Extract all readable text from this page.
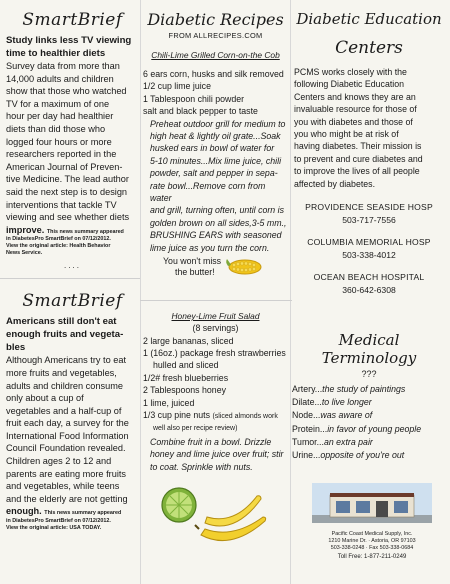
SmartBrief
Study links less TV viewing
time to healthier diets
Survey data from more than
14,000 adults and children
show that those who watched
TV for a maximum of one
hour per day had healthier
diets than did those who
logged four hours or more
researchers reported in the
American Journal of Preven-
tive Medicine. The lead author
said the next step is to design
interventions that tackle TV
viewing and see whether diets
improve. This news summary appeared
in DiabetesPro SmartBrief on 07/12/2012.
View the original article: Health Behavior
News Service.
....
SmartBrief
Americans still don't eat
enough fruits and vegeta-
bles
Although Americans try to eat
more fruits and vegetables,
adults and children consume
only about a cup of
vegetables and a half-cup of
fruit each day, a survey for the
International Food Information
Council Foundation revealed.
Children ages 2 to 12 and
parents are eating more fruits
and vegetables, while teens
and the elderly are not getting
enough. This news summary appeared
in DiabetesPro SmartBrief on 07/12/2012.
View the original article: USA TODAY.
Diabetic Recipes
FROM ALLRECIPES.COM
Chili-Lime Grilled Corn-on-the Cob
6 ears corn, husks and silk removed
1/2 cup lime juice
1 Tablespoon chili powder
salt and black pepper to taste
Preheat outdoor grill for medium to
high heat & lightly oil grate...Soak
husked ears in bowl of water for
5-10 minutes...Mix lime juice, chili
powder, salt and pepper in sepa-
rate bowl...Remove corn from water
and grill, turning often, until corn is
golden brown on all sides,3-5 mm.,
BRUSHING EARS with seasoned
lime juice as you turn the corn.
You won't miss
the butter!
Honey-Lime Fruit Salad
(8 servings)
2 large bananas, sliced
1 (16oz.) package fresh strawberries
hulled and sliced
1/2# fresh blueberries
2 Tablespoons honey
1 lime, juiced
1/3 cup pine nuts (sliced almonds work
well also per recipe review)
Combine fruit in a bowl. Drizzle
honey and lime juice over fruit; stir
to coat. Sprinkle with nuts.
Diabetic Education
Centers
PCMS works closely with the
following Diabetic Education
Centers and knows they are an
invaluable resource for those of
you with diabetes and those of
you who might be at risk of
having diabetes. Their mission is
to prevent and cure diabetes and
to improve the lives of all people
affected by diabetes.
PROVIDENCE SEASIDE HOSP
503-717-7556
COLUMBIA MEMORIAL HOSP
503-338-4012
OCEAN BEACH HOSPITAL
360-642-6308
Medical Terminology
???
Artery...the study of paintings
Dilate...to live longer
Node...was aware of
Protein...in favor of young people
Tumor...an extra pair
Urine...opposite of you're out
Pacific Coast Medical Supply, Inc.
1210 Marine Dr. · Astoria, OR 97103
503-338-0248 · Fax 503-338-0684
Toll Free: 1-877-211-0249
